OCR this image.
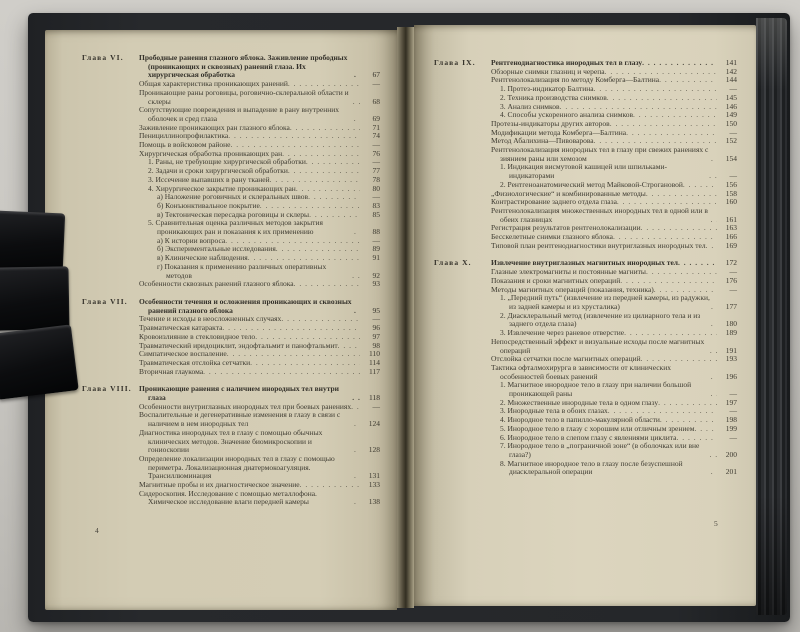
Глава VI.	Прободные ранения глазного яблока. Заживление прободных (проникающих и сквозных) ранений глаза. Их хирургическая обработка . . .	67
Общая характеристика проникающих ранений . . .	—
Проникающие раны роговицы, роговично-склеральной области и склеры . . .	68
Сопутствующие повреждения и выпадение в рану внутренних оболочек и сред глаза . . .	69
Заживление проникающих ран глазного яблока . . .	71
Пенициллинопрофилактика . . .	74
Помощь в войсковом районе . . .	—
Хирургическая обработка проникающих ран . . .	76
1. Раны, не требующие хирургической обработки . . .	—
2. Задачи и сроки хирургической обработки . . .	77
3. Иссечение выпавших в рану тканей . . .	78
4. Хирургическое закрытие проникающих ран . . .	80
а) Наложение роговичных и склеральных швов . . .	—
б) Конъюнктивальное покрытие . . .	83
в) Тектоническая пересадка роговицы и склеры . . .	85
5. Сравнительная оценка различных методов закрытия проникающих ран и показания к их применению . . .	88
а) К истории вопроса . . .	—
б) Экспериментальные исследования . . .	89
в) Клинические наблюдения . . .	91
г) Показания к применению различных оперативных методов . . .	92
Особенности сквозных ранений глазного яблока . . .	93
Глава VII.	Особенности течения и осложнения проникающих и сквозных ранений глазного яблока . . .	95
Течение и исходы в неосложненных случаях . . .	—
Травматическая катаракта . . .	96
Кровоизлияние в стекловидное тело . . .	97
Травматический иридоциклит, эндофтальмит и панофтальмит . . .	98
Симпатическое воспаление . . .	110
Травматическая отслойка сетчатки . . .	114
Вторичная глаукома . . .	117
Глава VIII. Проникающие ранения с наличием инородных тел внутри глаза . . .	118
Особенности внутриглазных инородных тел при боевых ранениях . . .	—
Воспалительные и дегенеративные изменения в глазу в связи с наличием в нем инородных тел . . .	124
Диагностика инородных тел в глазу с помощью обычных клинических методов. Значение биомикроскопии и гониоскопии . . .	128
Определение локализации инородных тел в глазу с помощью периметра. Локализационная диатермокоагуляция. Трансиллюминация . . .	131
Магнитные пробы и их диагностическое значение . . .	133
Сидероскопия. Исследование с помощью металлофона. Химическое исследование влаги передней камеры . . .	138
4
Глава IX.	Рентгенодиагностика инородных тел в глазу . . .	141
Обзорные снимки глазниц и черепа . . .	142
Рентгенолокализация по методу Комберга—Балтина . . .	144
1. Протез-индикатор Балтина . . .	—
2. Техника производства снимков . . .	145
3. Анализ снимков . . .	146
4. Способы ускоренного анализа снимков . . .	149
Протезы-индикаторы других авторов . . .	150
Модификации метода Комберга—Балтина . . .	—
Метод Абалихина—Пивоварова . . .	152
Рентгенолокализация инородных тел в глазу при свежих ранениях с зиянием раны или хемозом . . .	154
1. Индикация висмутовой кашицей или шпильками-индикаторами . . .	—
2. Рентгеноанатомический метод Майковой-Строгановой . . .	156
„Физиологические“ и комбинированные методы . . .	158
Контрастирование заднего отдела глаза . . .	160
Рентгенолокализация множественных инородных тел в одной или в обеих глазницах . . .	161
Регистрация результатов рентгенолокализации . . .	163
Бесскелетные снимки глазного яблока . . .	166
Типовой план рентгенодиагностики внутриглазных инородных тел . . .	169
Глава X.	Извлечение внутриглазных магнитных инородных тел . . .	172
Глазные электромагниты и постоянные магниты . . .	—
Показания и сроки магнитных операций . . .	176
Методы магнитных операций (показания, техника) . . .	—
1. „Передний путь“ (извлечение из передней камеры, из радужки, из задней камеры и из хрусталика) . . .	177
2. Диасклеральный метод (извлечение из цилиарного тела и из заднего отдела глаза) . . .	180
3. Извлечение через раневое отверстие . . .	189
Непосредственный эффект и визуальные исходы после магнитных операций . . .	191
Отслойка сетчатки после магнитных операций . . .	193
Тактика офталмохирурга в зависимости от клинических особенностей боевых ранений . . .	196
1. Магнитное инородное тело в глазу при наличии большой проникающей раны . . .	—
2. Множественные инородные тела в одном глазу . . .	197
3. Инородные тела в обоих глазах . . .	—
4. Инородное тело в папилло-макулярной области . . .	198
5. Инородное тело в глазу с хорошим или отличным зрением . . .	199
6. Инородное тело в слепом глазу с явлениями циклита . . .	—
7. Инородное тело в „пограничной зоне“ (в оболочках или вне глаза?) . . .	200
8. Магнитное инородное тело в глазу после безуспешной диасклеральной операции . . .	201
5
